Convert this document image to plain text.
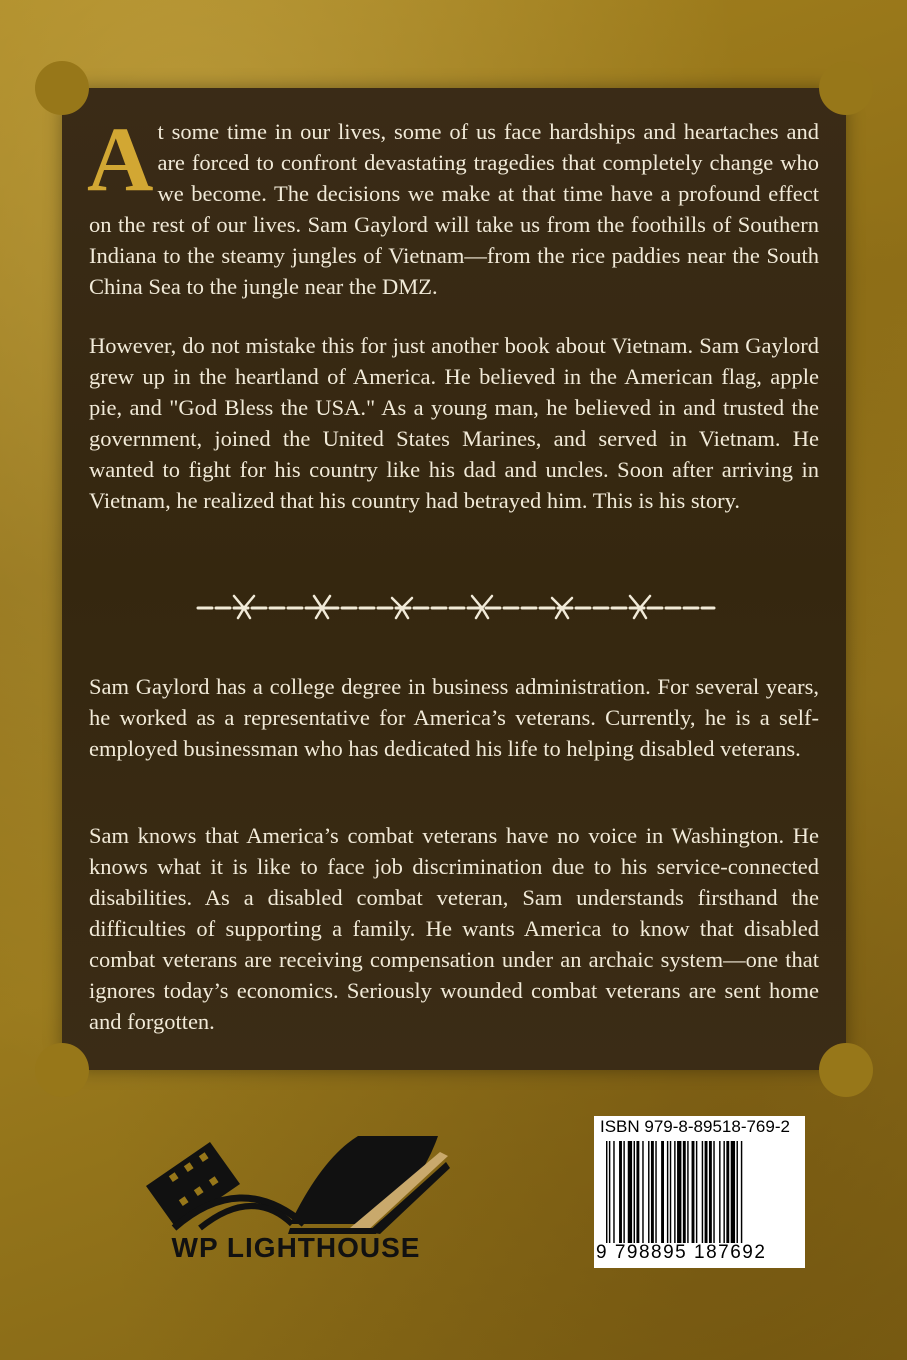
At some time in our lives, some of us face hardships and heartaches and are forced to confront devastating tragedies that completely change who we become. The decisions we make at that time have a profound effect on the rest of our lives. Sam Gaylord will take us from the foothills of Southern Indiana to the steamy jungles of Vietnam—from the rice paddies near the South China Sea to the jungle near the DMZ.

However, do not mistake this for just another book about Vietnam. Sam Gaylord grew up in the heartland of America. He believed in the American flag, apple pie, and "God Bless the USA." As a young man, he believed in and trusted the government, joined the United States Marines, and served in Vietnam. He wanted to fight for his country like his dad and uncles. Soon after arriving in Vietnam, he realized that his country had betrayed him. This is his story.

Sam Gaylord has a college degree in business administration. For several years, he worked as a representative for America’s veterans. Currently, he is a self-employed businessman who has dedicated his life to helping disabled veterans.

Sam knows that America’s combat veterans have no voice in Washington. He knows what it is like to face job discrimination due to his service-connected disabilities. As a disabled combat veteran, Sam understands firsthand the difficulties of supporting a family. He wants America to know that disabled combat veterans are receiving compensation under an archaic system—one that ignores today’s economics. Seriously wounded combat veterans are sent home and forgotten.

WP LIGHTHOUSE
ISBN 979-8-89518-769-2
9 798895 187692
